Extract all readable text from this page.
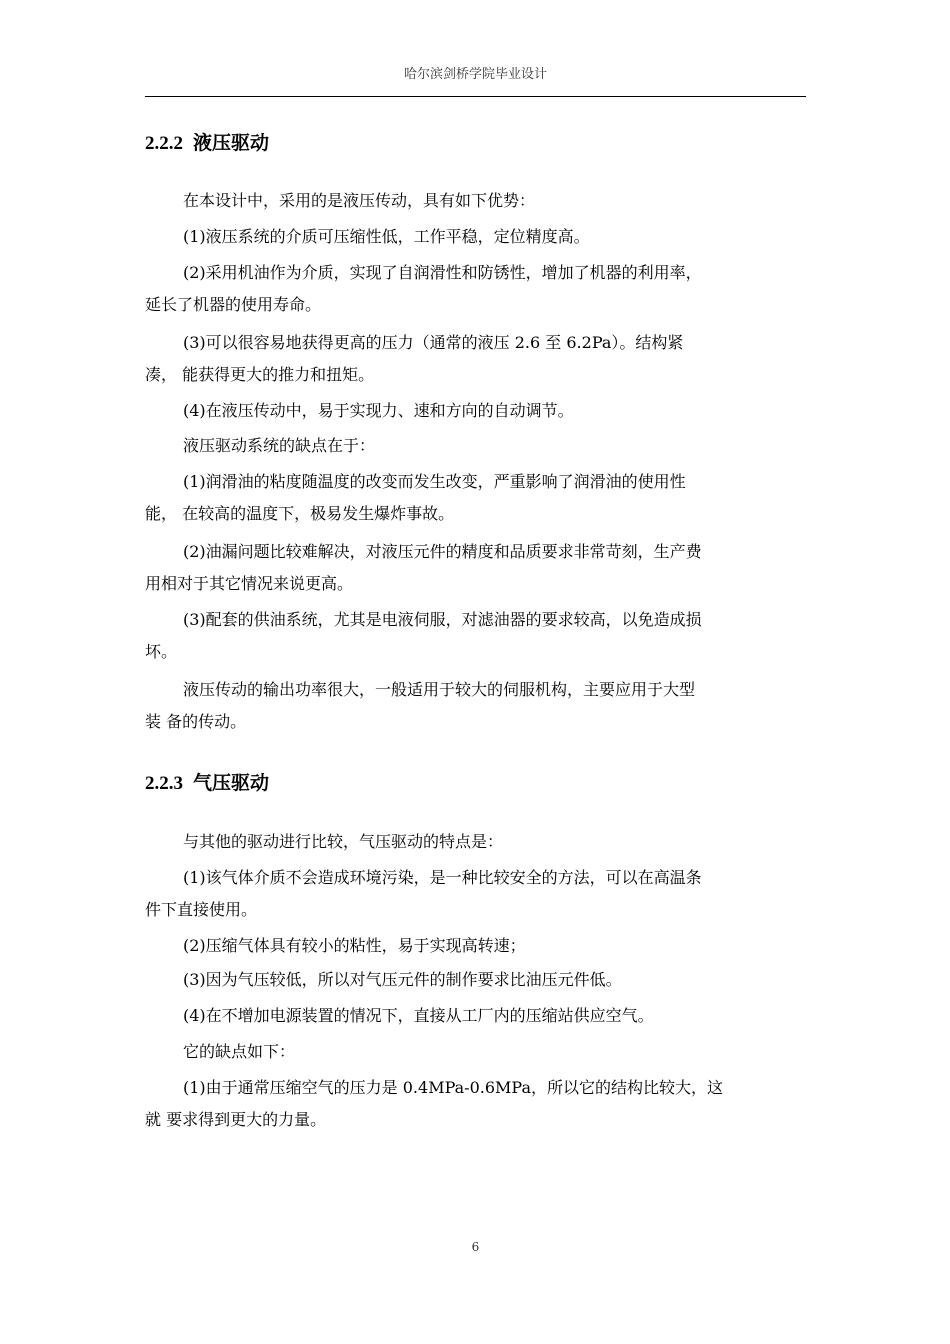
哈尔滨剑桥学院毕业设计
2.2.2 液压驱动
在本设计中，采用的是液压传动，具有如下优势：
(1)液压系统的介质可压缩性低，工作平稳，定位精度高。
(2)采用机油作为介质，实现了自润滑性和防锈性，增加了机器的利用率，
延长了机器的使用寿命。
(3)可以很容易地获得更高的压力（通常的液压 2.6 至 6.2Pa）。结构紧
凑， 能获得更大的推力和扭矩。
(4)在液压传动中，易于实现力、速和方向的自动调节。
液压驱动系统的缺点在于：
(1)润滑油的粘度随温度的改变而发生改变，严重影响了润滑油的使用性
能， 在较高的温度下，极易发生爆炸事故。
(2)油漏问题比较难解决，对液压元件的精度和品质要求非常苛刻，生产费
用相对于其它情况来说更高。
(3)配套的供油系统，尤其是电液伺服，对滤油器的要求较高，以免造成损
坏。
液压传动的输出功率很大，一般适用于较大的伺服机构，主要应用于大型
装 备的传动。
2.2.3 气压驱动
与其他的驱动进行比较，气压驱动的特点是：
(1)该气体介质不会造成环境污染，是一种比较安全的方法，可以在高温条
件下直接使用。
(2)压缩气体具有较小的粘性，易于实现高转速；
(3)因为气压较低，所以对气压元件的制作要求比油压元件低。
(4)在不增加电源装置的情况下，直接从工厂内的压缩站供应空气。
它的缺点如下：
(1)由于通常压缩空气的压力是 0.4MPa-0.6MPa，所以它的结构比较大，这
就 要求得到更大的力量。
6
